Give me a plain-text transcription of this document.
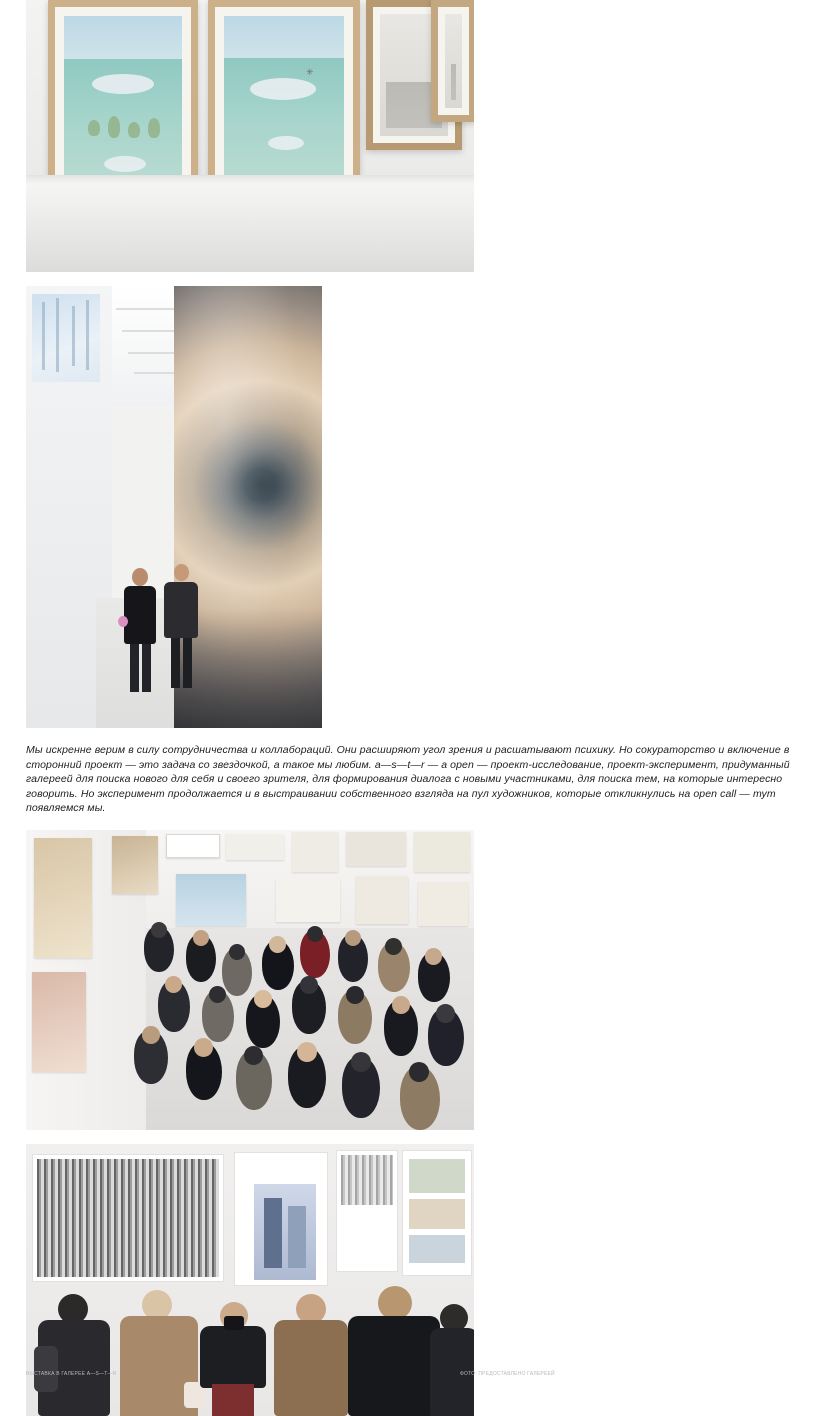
✳

Мы искренне верим в силу сотрудничества и коллабораций. Они расширяют угол зрения и расшатывают психику. Но сокураторство и включение в сторонний проект — это задача со звездочкой, а такое мы любим. а—s—t—r — а open — проект-исследование, проект-эксперимент, придуманный галереей для поиска нового для себя и своего зрителя, для формирования диалога с новыми участниками, для поиска тем, на которые интересно говорить. Но эксперимент продолжается и в выстраивании собственного взгляда на пул художников, которые откликнулись на open call — тут появляемся мы.

ВЫСТАВКА В ГАЛЕРЕЕ A—S—T—R	ФОТО: ПРЕДОСТАВЛЕНО ГАЛЕРЕЕЙ
